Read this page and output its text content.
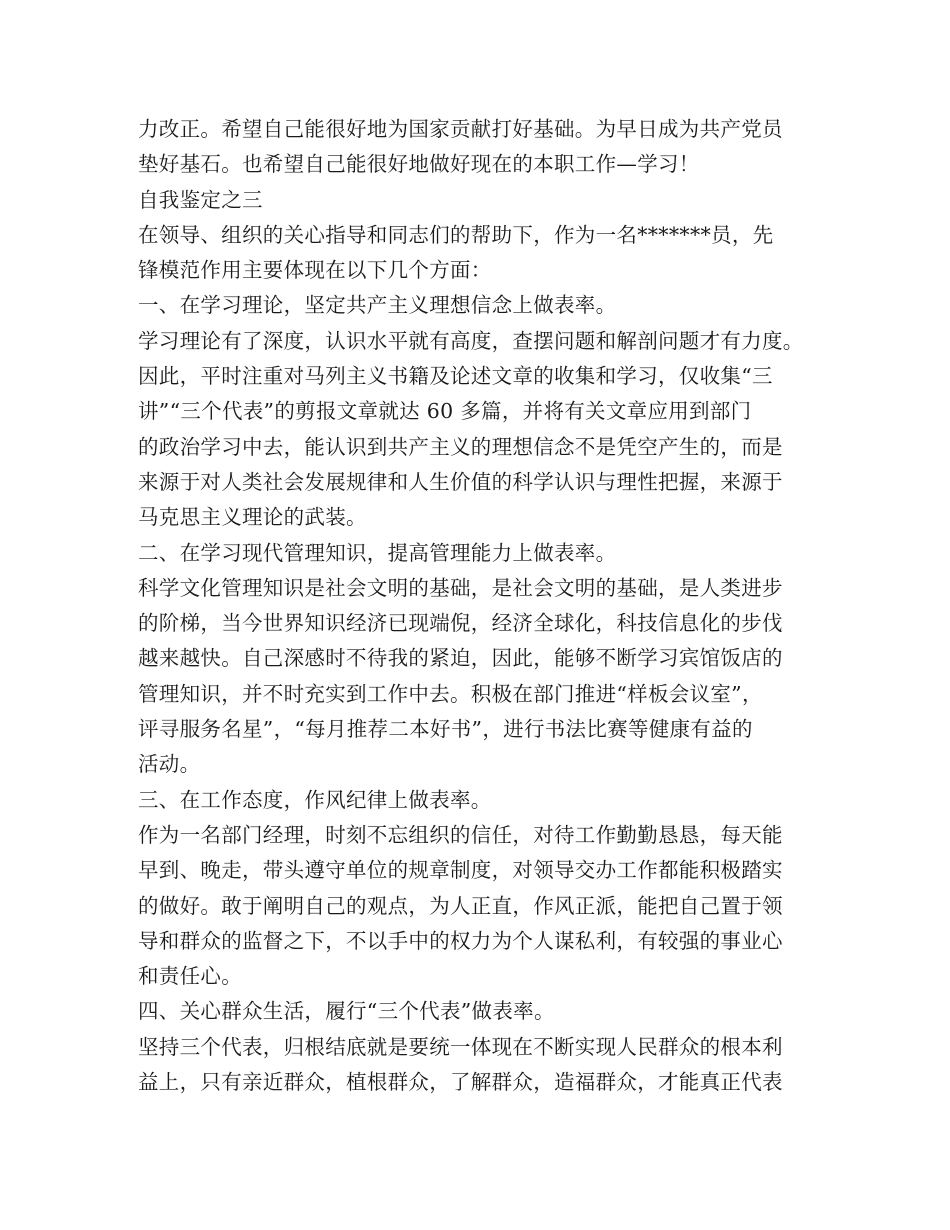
力改正。希望自己能很好地为国家贡献打好基础。为早日成为共产党员
垫好基石。也希望自己能很好地做好现在的本职工作—学习！
自我鉴定之三
在领导、组织的关心指导和同志们的帮助下，作为一名*******员，先
锋模范作用主要体现在以下几个方面：
一、在学习理论，坚定共产主义理想信念上做表率。
学习理论有了深度，认识水平就有高度，查摆问题和解剖问题才有力度。
因此，平时注重对马列主义书籍及论述文章的收集和学习，仅收集“三
讲”“三个代表”的剪报文章就达 60 多篇，并将有关文章应用到部门
的政治学习中去，能认识到共产主义的理想信念不是凭空产生的，而是
来源于对人类社会发展规律和人生价值的科学认识与理性把握，来源于
马克思主义理论的武装。
二、在学习现代管理知识，提高管理能力上做表率。
科学文化管理知识是社会文明的基础，是社会文明的基础，是人类进步
的阶梯，当今世界知识经济已现端倪，经济全球化，科技信息化的步伐
越来越快。自己深感时不待我的紧迫，因此，能够不断学习宾馆饭店的
管理知识，并不时充实到工作中去。积极在部门推进“样板会议室”，
评寻服务名星”，“每月推荐二本好书”，进行书法比赛等健康有益的
活动。
三、在工作态度，作风纪律上做表率。
作为一名部门经理，时刻不忘组织的信任，对待工作勤勤恳恳，每天能
早到、晚走，带头遵守单位的规章制度，对领导交办工作都能积极踏实
的做好。敢于阐明自己的观点，为人正直，作风正派，能把自己置于领
导和群众的监督之下，不以手中的权力为个人谋私利，有较强的事业心
和责任心。
四、关心群众生活，履行“三个代表”做表率。
坚持三个代表，归根结底就是要统一体现在不断实现人民群众的根本利
益上，只有亲近群众，植根群众，了解群众，造福群众，才能真正代表
